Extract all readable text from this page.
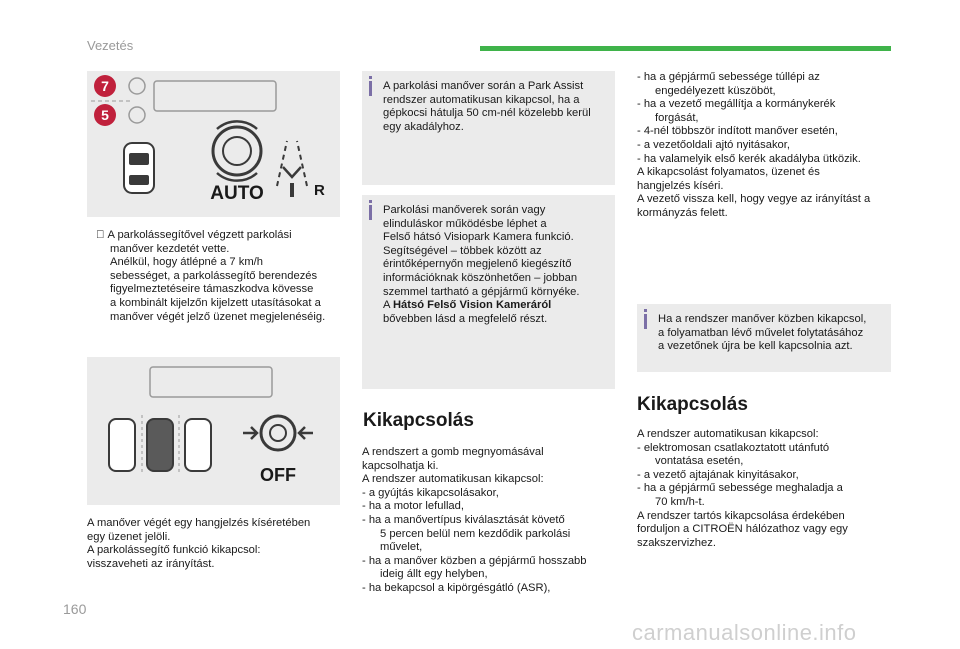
Vezetés
7
5
AUTO	R
A parkolássegítővel végzett parkolási
manőver kezdetét vette.
Anélkül, hogy átlépné a 7 km/h
sebességet, a parkolássegítő berendezés
figyelmeztetéseire támaszkodva kövesse
a kombinált kijelzőn kijelzett utasításokat a
manőver végét jelző üzenet megjelenéséig.
OFF
A manőver végét egy hangjelzés kíséretében
egy üzenet jelöli.
A parkolássegítő funkció kikapcsol:
visszaveheti az irányítást.
A parkolási manőver során a Park Assist
rendszer automatikusan kikapcsol, ha a
gépkocsi hátulja 50 cm-nél közelebb kerül
egy akadályhoz.
Parkolási manőverek során vagy
elinduláskor működésbe léphet a
Felső hátsó Visiopark Kamera funkció.
Segítségével – többek között az
érintőképernyőn megjelenő kiegészítő
információknak köszönhetően – jobban
szemmel tartható a gépjármű környéke.
A Hátsó Felső Vision Kameráról
bővebben lásd a megfelelő részt.
Kikapcsolás
A rendszert a gomb megnyomásával
kapcsolhatja ki.
A rendszer automatikusan kikapcsol:
- a gyújtás kikapcsolásakor,
- ha a motor lefullad,
- ha a manővertípus kiválasztását követő
5 percen belül nem kezdődik parkolási
művelet,
- ha a manőver közben a gépjármű hosszabb
ideig állt egy helyben,
- ha bekapcsol a kipörgésgátló (ASR),
- ha a gépjármű sebessége túllépi az
engedélyezett küszöböt,
- ha a vezető megállítja a kormánykerék
forgását,
- 4-nél többször indított manőver esetén,
- a vezetőoldali ajtó nyitásakor,
- ha valamelyik első kerék akadályba ütközik.
A kikapcsolást folyamatos, üzenet és
hangjelzés kíséri.
A vezető vissza kell, hogy vegye az irányítást a
kormányzás felett.
Ha a rendszer manőver közben kikapcsol,
a folyamatban lévő művelet folytatásához
a vezetőnek újra be kell kapcsolnia azt.
Kikapcsolás
A rendszer automatikusan kikapcsol:
- elektromosan csatlakoztatott utánfutó
vontatása esetén,
- a vezető ajtajának kinyitásakor,
- ha a gépjármű sebessége meghaladja a
70 km/h-t.
A rendszer tartós kikapcsolása érdekében
forduljon a CITROËN hálózathoz vagy egy
szakszervizhez.
160
carmanualsonline.info
